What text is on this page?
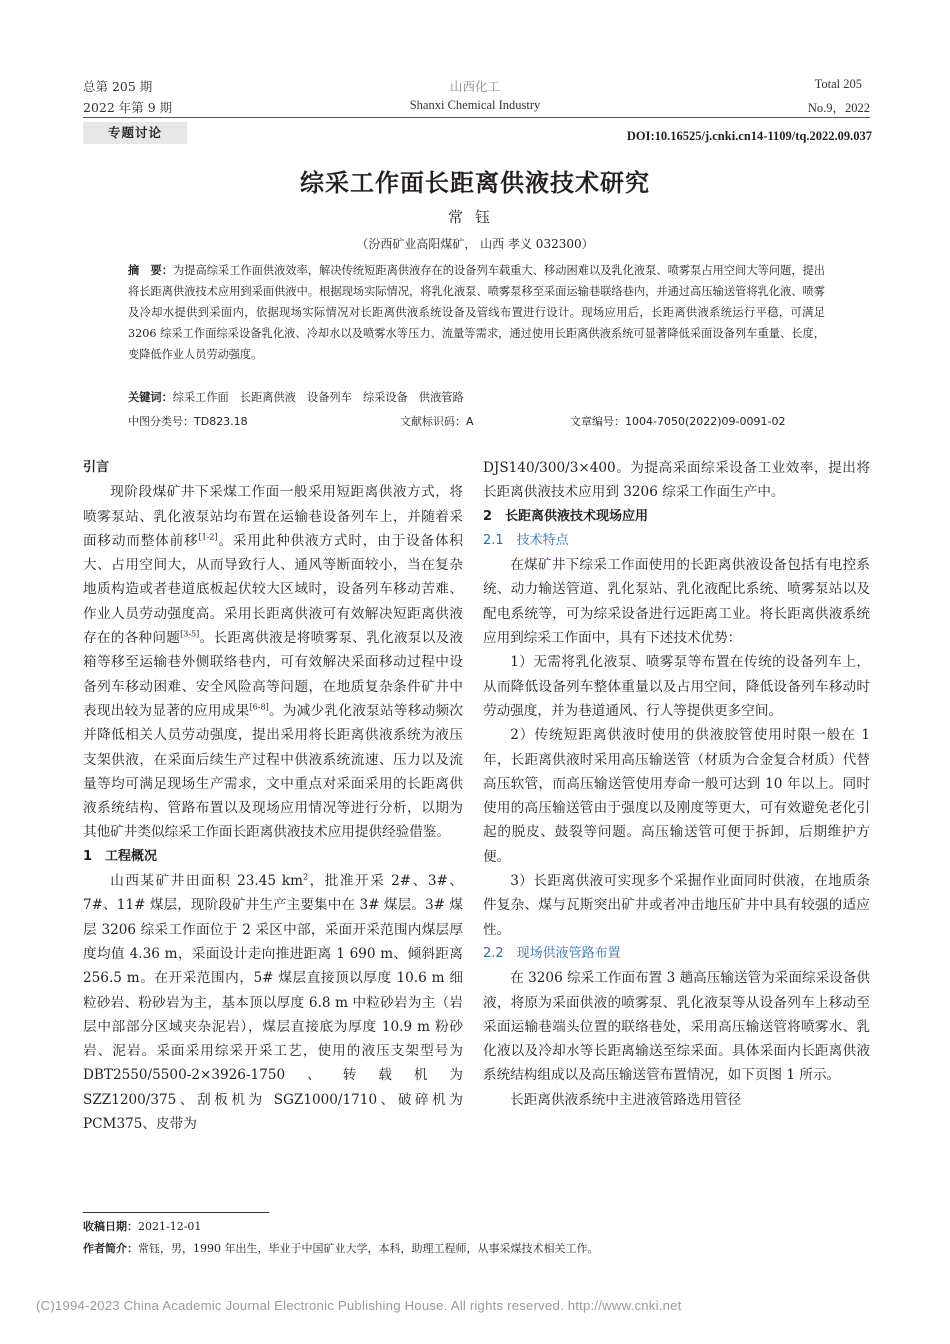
总第 205 期
2022 年第 9 期
山西化工
Shanxi Chemical Industry
Total 205
No.9，2022
专题讨论	DOI:10.16525/j.cnki.cn14-1109/tq.2022.09.037
综采工作面长距离供液技术研究
常钰
（汾西矿业高阳煤矿， 山西 孝义 032300）
摘　要：为提高综采工作面供液效率，解决传统短距离供液存在的设备列车载重大、移动困难以及乳化液泵、喷雾泵占用空间大等问题，提出将长距离供液技术应用到采面供液中。根据现场实际情况，将乳化液泵、喷雾泵移至采面运输巷联络巷内，并通过高压输送管将乳化液、喷雾及冷却水提供到采面内，依据现场实际情况对长距离供液系统设备及管线布置进行设计。现场应用后，长距离供液系统运行平稳，可满足 3206 综采工作面综采设备乳化液、冷却水以及喷雾水等压力、流量等需求，通过使用长距离供液系统可显著降低采面设备列车重量、长度，变降低作业人员劳动强度。
关键词：综采工作面　长距离供液　设备列车　综采设备　供液管路
中图分类号：TD823.18	文献标识码：A	文章编号：1004-7050(2022)09-0091-02
引言

现阶段煤矿井下采煤工作面一般采用短距离供液方式，将喷雾泵站、乳化液泵站均布置在运输巷设备列车上，并随着采面移动而整体前移[1-2]。采用此种供液方式时，由于设备体积大、占用空间大，从而导致行人、通风等断面较小，当在复杂地质构造或者巷道底板起伏较大区域时，设备列车移动苦难、作业人员劳动强度高。采用长距离供液可有效解决短距离供液存在的各种问题[3-5]。长距离供液是将喷雾泵、乳化液泵以及液箱等移至运输巷外侧联络巷内，可有效解决采面移动过程中设备列车移动困难、安全风险高等问题，在地质复杂条件矿井中表现出较为显著的应用成果[6-8]。为减少乳化液泵站等移动频次并降低相关人员劳动强度，提出采用将长距离供液系统为液压支架供液，在采面后续生产过程中供液系统流速、压力以及流量等均可满足现场生产需求，文中重点对采面采用的长距离供液系统结构、管路布置以及现场应用情况等进行分析，以期为其他矿井类似综采工作面长距离供液技术应用提供经验借鉴。

1　工程概况

山西某矿井田面积 23.45 $km^2$，批准开采 2#、3#、7#、11# 煤层，现阶段矿井生产主要集中在 3# 煤层。3# 煤层 3206 综采工作面位于 2 采区中部，采面开采范围内煤层厚度均值 4.36 m，采面设计走向推进距离 1 690 m、倾斜距离 256.5 m。在开采范围内，5# 煤层直接顶以厚度 10.6 m 细粒砂岩、粉砂岩为主，基本顶以厚度 6.8 m 中粒砂岩为主（岩层中部部分区域夹杂泥岩），煤层直接底为厚度 10.9 m 粉砂岩、泥岩。采面采用综采开采工艺，使用的液压支架型号为 DBT2550/5500-2×3926-1750、转载机为 SZZ1200/375、刮板机为 SGZ1000/1710、破碎机为 PCM375、皮带为

DJS140/300/3×400。为提高采面综采设备工业效率，提出将长距离供液技术应用到 3206 综采工作面生产中。

2　长距离供液技术现场应用
2.1　技术特点

在煤矿井下综采工作面使用的长距离供液设备包括有电控系统、动力输送管道、乳化泵站、乳化液配比系统、喷雾泵站以及配电系统等，可为综采设备进行远距离工业。将长距离供液系统应用到综采工作面中，具有下述技术优势：

1）无需将乳化液泵、喷雾泵等布置在传统的设备列车上，从而降低设备列车整体重量以及占用空间，降低设备列车移动时劳动强度，并为巷道通风、行人等提供更多空间。

2）传统短距离供液时使用的供液胶管使用时限一般在 1 年，长距离供液时采用高压输送管（材质为合金复合材质）代替高压软管，而高压输送管使用寿命一般可达到 10 年以上。同时使用的高压输送管由于强度以及刚度等更大，可有效避免老化引起的脱皮、鼓裂等问题。高压输送管可便于拆卸，后期维护方便。

3）长距离供液可实现多个采掘作业面同时供液，在地质条件复杂、煤与瓦斯突出矿井或者冲击地压矿井中具有较强的适应性。

2.2　现场供液管路布置

在 3206 综采工作面布置 3 趟高压输送管为采面综采设备供液，将原为采面供液的喷雾泵、乳化液泵等从设备列车上移动至采面运输巷端头位置的联络巷处，采用高压输送管将喷雾水、乳化液以及冷却水等长距离输送至综采面。具体采面内长距离供液系统结构组成以及高压输送管布置情况，如下页图 1 所示。

长距离供液系统中主进液管路选用管径

收稿日期：2021-12-01
作者简介：常钰，男，1990 年出生，毕业于中国矿业大学，本科，助理工程师，从事采煤技术相关工作。
(C)1994-2023 China Academic Journal Electronic Publishing House. All rights reserved. http://www.cnki.net
